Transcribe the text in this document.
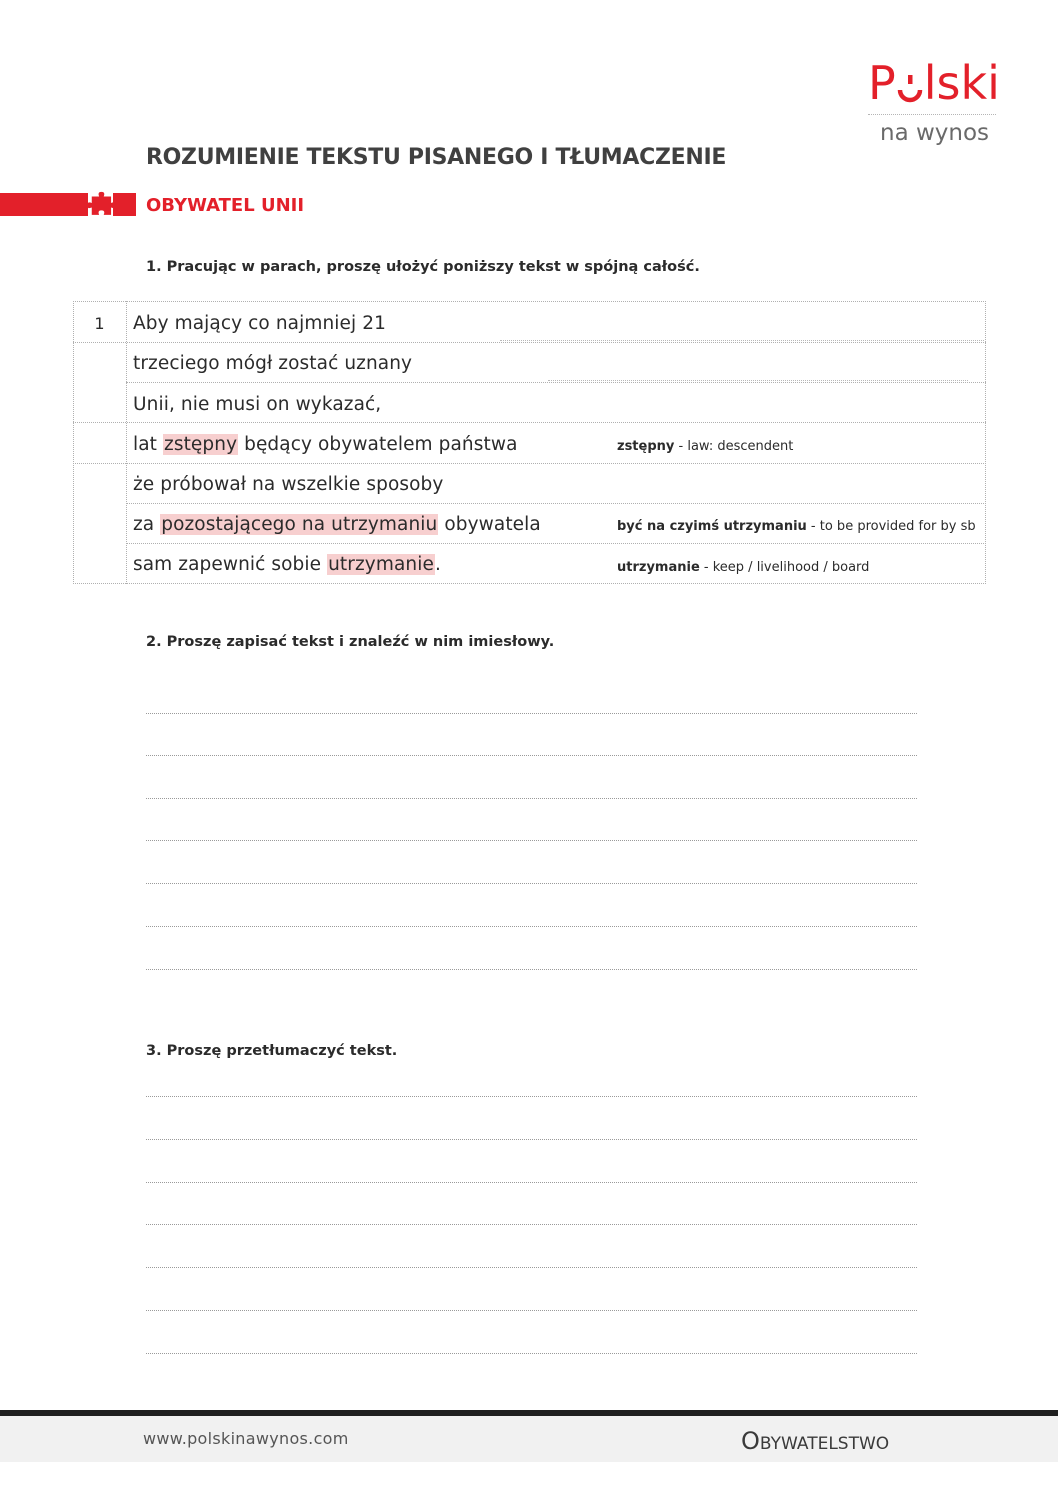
P lski
na wynos
ROZUMIENIE TEKSTU PISANEGO I TŁUMACZENIE
OBYWATEL UNII
1. Pracując w parach, proszę ułożyć poniższy tekst w spójną całość.
1	Aby mający co najmniej 21
trzeciego mógł zostać uznany
Unii, nie musi on wykazać,
lat zstępny będący obywatelem państwa	zstępny - law: descendent
że próbował na wszelkie sposoby
za pozostającego na utrzymaniu obywatela	być na czyimś utrzymaniu - to be provided for by sb
sam zapewnić sobie utrzymanie.	utrzymanie - keep / livelihood / board
2. Proszę zapisać tekst i znaleźć w nim imiesłowy.
3. Proszę przetłumaczyć tekst.
www.polskinawynos.com	Obywatelstwo
